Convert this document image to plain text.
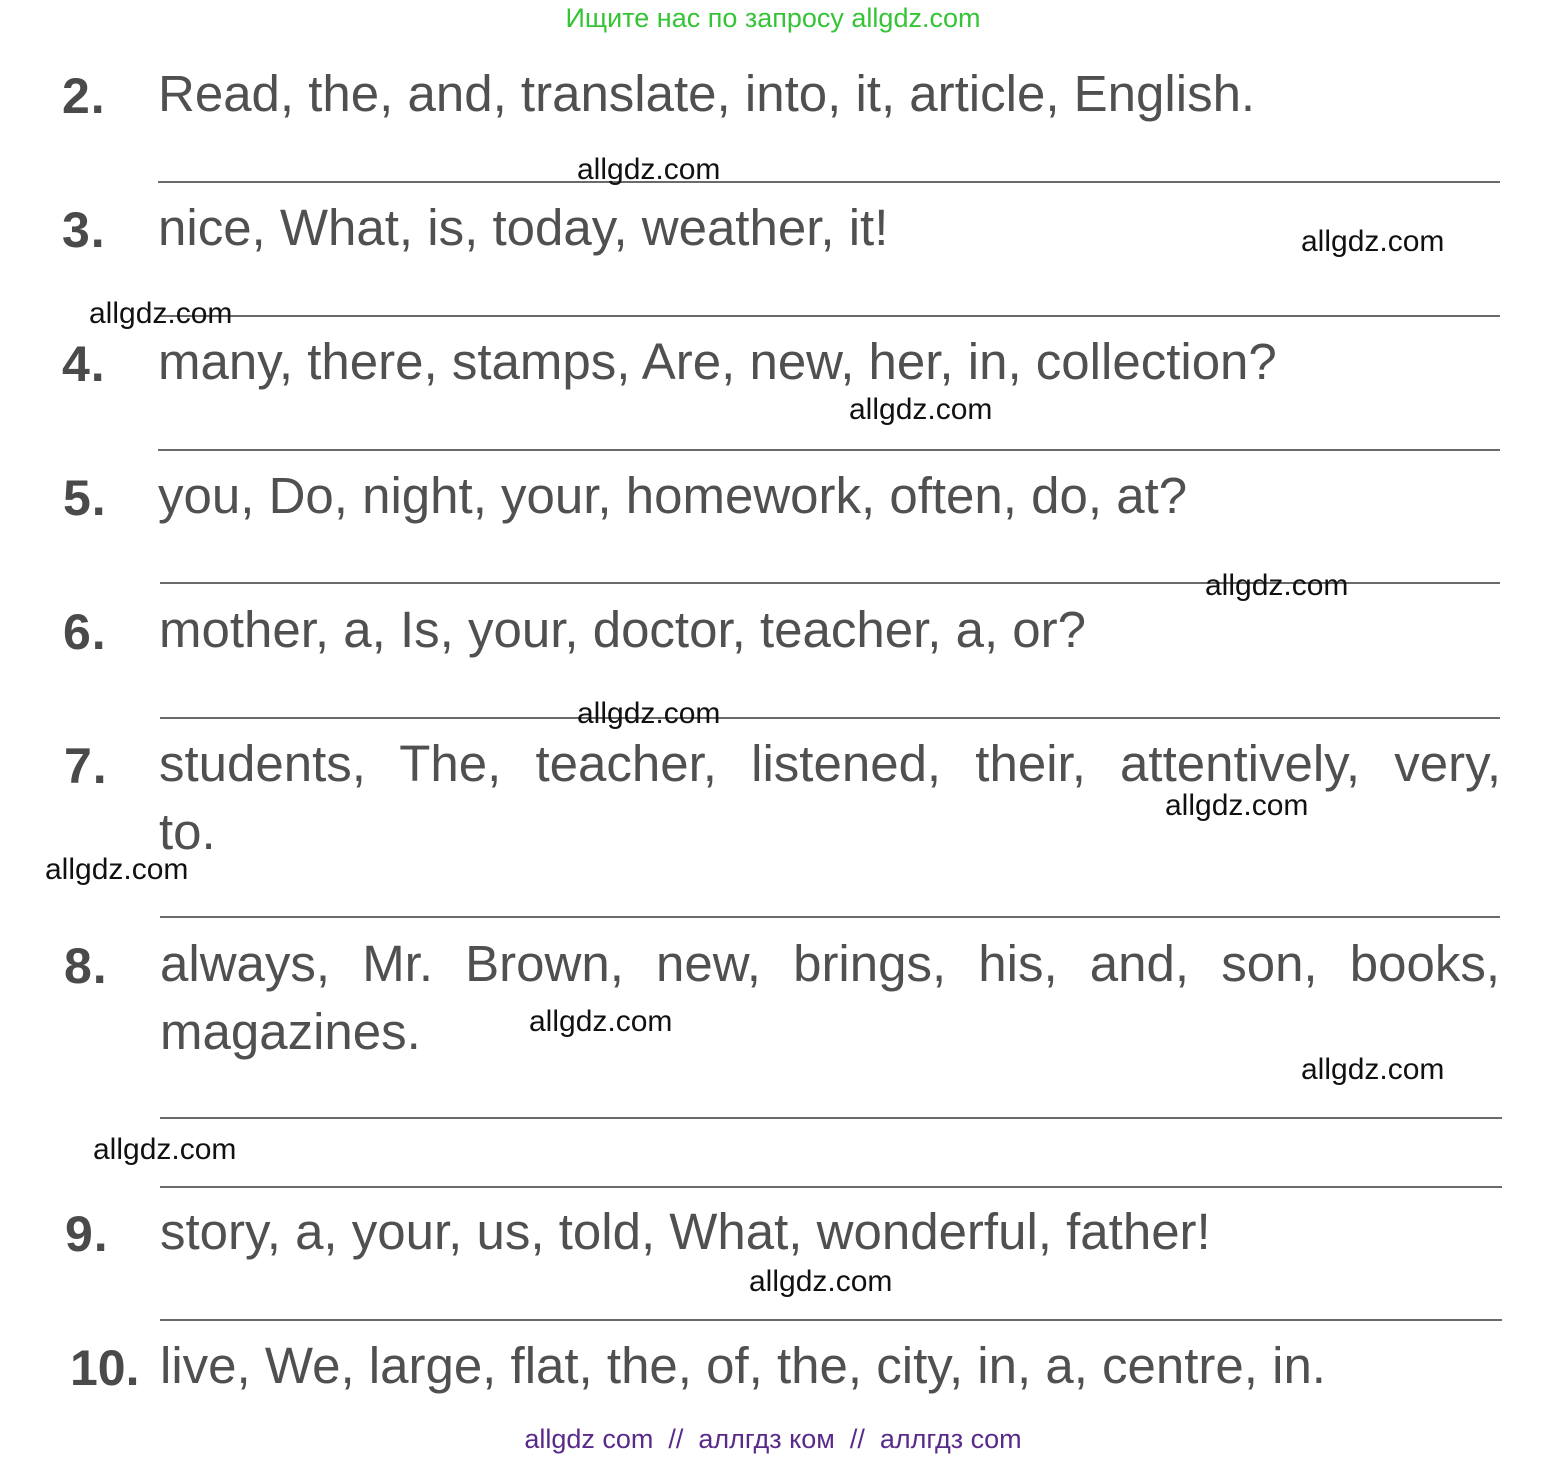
Ищите нас по запросу allgdz.com
2. Read, the, and, translate, into, it, article, English.
3. nice, What, is, today, weather, it!
4. many, there, stamps, Are, new, her, in, collection?
5. you, Do, night, your, homework, often, do, at?
6. mother, a, Is, your, doctor, teacher, a, or?
7. students, The, teacher, listened, their, attentively, very,
to.
8. always, Mr. Brown, new, brings, his, and, son, books,
magazines.
9. story, a, your, us, told, What, wonderful, father!
10. live, We, large, flat, the, of, the, city, in, a, centre, in.
allgdz.com
allgdz.com
allgdz.com
allgdz.com
allgdz.com
allgdz.com
allgdz.com
allgdz.com
allgdz.com
allgdz.com
allgdz.com
allgdz.com
allgdz com  //  аллгдз ком  //  аллгдз com
